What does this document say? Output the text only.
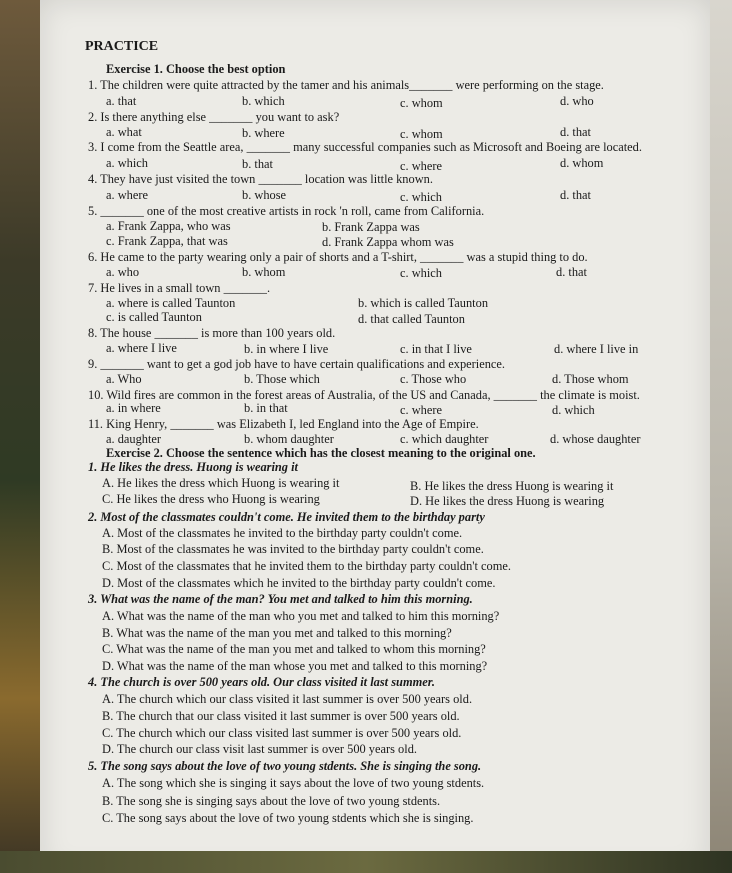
PRACTICE
Exercise 1. Choose the best option
1. The children were quite attracted by the tamer and his animals_______ were performing on the stage.
a. that	b. which	c. whom	d. who
2. Is there anything else _______ you want to ask?
a. what	b. where	c. whom	d. that
3. I come from the Seattle area, _______ many successful companies such as Microsoft and Boeing are located.
a. which	b. that	c. where	d. whom
4. They have just visited the town _______ location was little known.
a. where	b. whose	c. which	d. that
5. _______ one of the most creative artists in rock 'n roll, came from California.
a. Frank Zappa, who was	b. Frank Zappa was
c. Frank Zappa, that was	d. Frank Zappa whom was
6. He came to the party wearing only a pair of shorts and a T-shirt, _______ was a stupid thing to do.
a. who	b. whom	c. which	d. that
7. He lives in a small town _______.
a. where is called Taunton	b. which is called Taunton
c. is called Taunton	d. that called Taunton
8. The house _______ is more than 100 years old.
a. where I live	b. in where I live	c. in that I live	d. where I live in
9. _______ want to get a god job have to have certain qualifications and experience.
a. Who	b. Those which	c. Those who	d. Those whom
10. Wild fires are common in the forest areas of Australia, of the US and Canada, _______ the climate is moist.
a. in where	b. in that	c. where	d. which
11. King Henry, _______ was Elizabeth I, led England into the Age of Empire.
a. daughter	b. whom daughter	c. which daughter	d. whose daughter
Exercise 2. Choose the sentence which has the closest meaning to the original one.
1. He likes the dress. Huong is wearing it
A. He likes the dress which Huong is wearing it	B. He likes the dress Huong is wearing it
C. He likes the dress who Huong is wearing	D. He likes the dress Huong is wearing
2. Most of the classmates couldn't come. He invited them to the birthday party
A. Most of the classmates he invited to the birthday party couldn't come.
B. Most of the classmates he was invited to the birthday party couldn't come.
C. Most of the classmates that he invited them to the birthday party couldn't come.
D. Most of the classmates which he invited to the birthday party couldn't come.
3. What was the name of the man? You met and talked to him this morning.
A. What was the name of the man who you met and talked to him this morning?
B. What was the name of the man you met and talked to this morning?
C. What was the name of the man you met and talked to whom this morning?
D. What was the name of the man whose you met and talked to this morning?
4. The church is over 500 years old. Our class visited it last summer.
A. The church which our class visited it last summer is over 500 years old.
B. The church that our class visited it last summer is over 500 years old.
C. The church which our class visited last summer is over 500 years old.
D. The church our class visit last summer is over 500 years old.
5. The song says about the love of two young stdents. She is singing the song.
A. The song which she is singing it says about the love of two young stdents.
B. The song she is singing says about the love of two young stdents.
C. The song says about the love of two young stdents which she is singing.
